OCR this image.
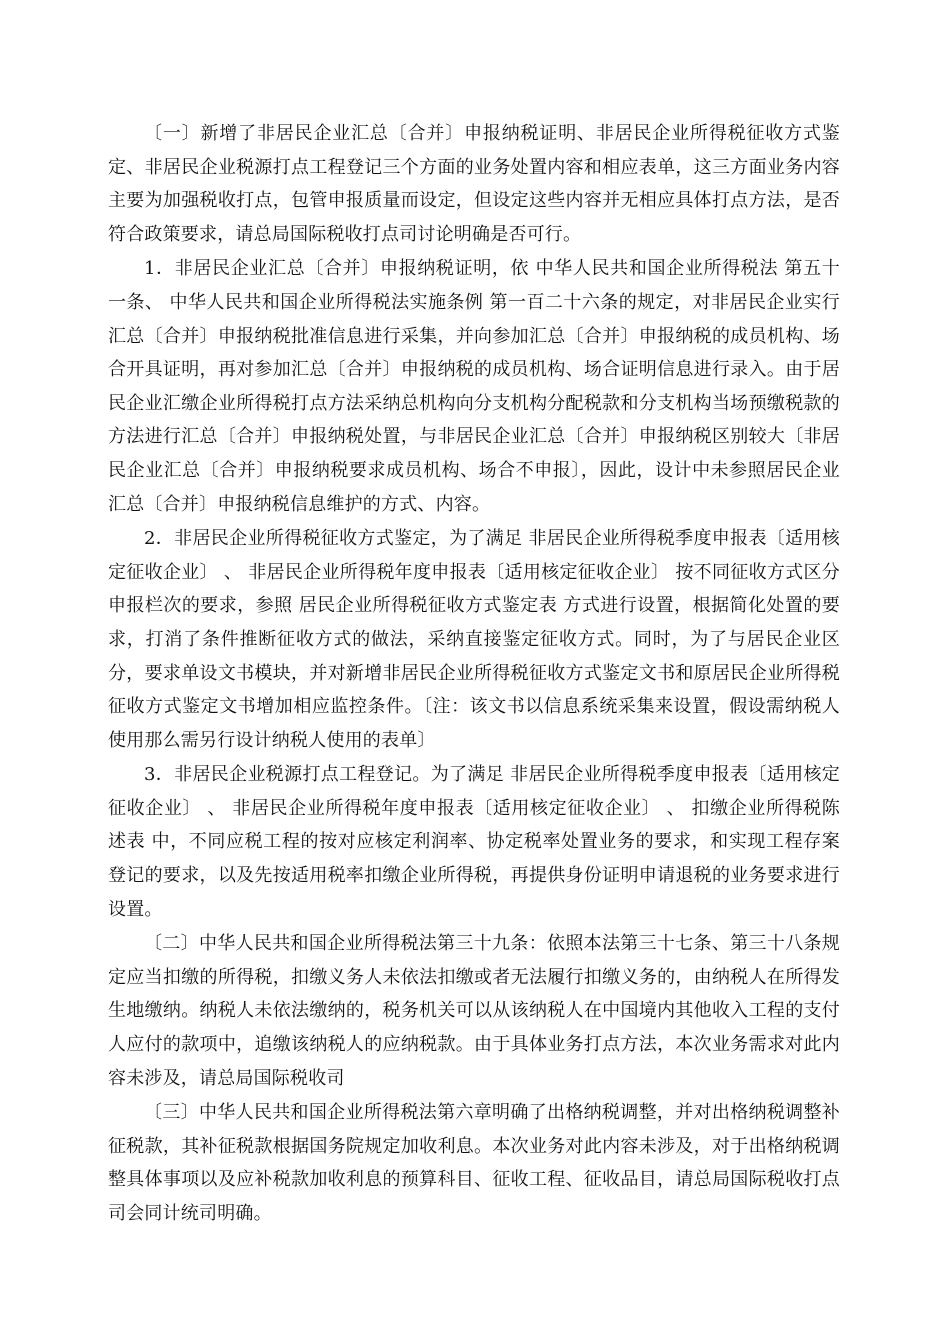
〔一〕新增了非居民企业汇总〔合并〕申报纳税证明、非居民企业所得税征收方式鉴定、非居民企业税源打点工程登记三个方面的业务处置内容和相应表单，这三方面业务内容主要为加强税收打点，包管申报质量而设定，但设定这些内容并无相应具体打点方法，是否符合政策要求，请总局国际税收打点司讨论明确是否可行。

1．非居民企业汇总〔合并〕申报纳税证明，依 中华人民共和国企业所得税法 第五十一条、 中华人民共和国企业所得税法实施条例 第一百二十六条的规定，对非居民企业实行汇总〔合并〕申报纳税批准信息进行采集，并向参加汇总〔合并〕申报纳税的成员机构、场合开具证明，再对参加汇总〔合并〕申报纳税的成员机构、场合证明信息进行录入。由于居民企业汇缴企业所得税打点方法采纳总机构向分支机构分配税款和分支机构当场预缴税款的方法进行汇总〔合并〕申报纳税处置，与非居民企业汇总〔合并〕申报纳税区别较大〔非居民企业汇总〔合并〕申报纳税要求成员机构、场合不申报〕，因此，设计中未参照居民企业汇总〔合并〕申报纳税信息维护的方式、内容。

2．非居民企业所得税征收方式鉴定，为了满足 非居民企业所得税季度申报表〔适用核定征收企业〕 、 非居民企业所得税年度申报表〔适用核定征收企业〕 按不同征收方式区分申报栏次的要求，参照 居民企业所得税征收方式鉴定表 方式进行设置，根据简化处置的要求，打消了条件推断征收方式的做法，采纳直接鉴定征收方式。同时，为了与居民企业区分，要求单设文书模块，并对新增非居民企业所得税征收方式鉴定文书和原居民企业所得税征收方式鉴定文书增加相应监控条件。〔注：该文书以信息系统采集来设置，假设需纳税人使用那么需另行设计纳税人使用的表单〕

3．非居民企业税源打点工程登记。为了满足 非居民企业所得税季度申报表〔适用核定征收企业〕 、 非居民企业所得税年度申报表〔适用核定征收企业〕 、 扣缴企业所得税陈述表 中，不同应税工程的按对应核定利润率、协定税率处置业务的要求，和实现工程存案登记的要求，以及先按适用税率扣缴企业所得税，再提供身份证明申请退税的业务要求进行设置。

〔二〕中华人民共和国企业所得税法第三十九条：依照本法第三十七条、第三十八条规定应当扣缴的所得税，扣缴义务人未依法扣缴或者无法履行扣缴义务的，由纳税人在所得发生地缴纳。纳税人未依法缴纳的，税务机关可以从该纳税人在中国境内其他收入工程的支付人应付的款项中，追缴该纳税人的应纳税款。由于具体业务打点方法，本次业务需求对此内容未涉及，请总局国际税收司

〔三〕中华人民共和国企业所得税法第六章明确了出格纳税调整，并对出格纳税调整补征税款，其补征税款根据国务院规定加收利息。本次业务对此内容未涉及，对于出格纳税调整具体事项以及应补税款加收利息的预算科目、征收工程、征收品目，请总局国际税收打点司会同计统司明确。
